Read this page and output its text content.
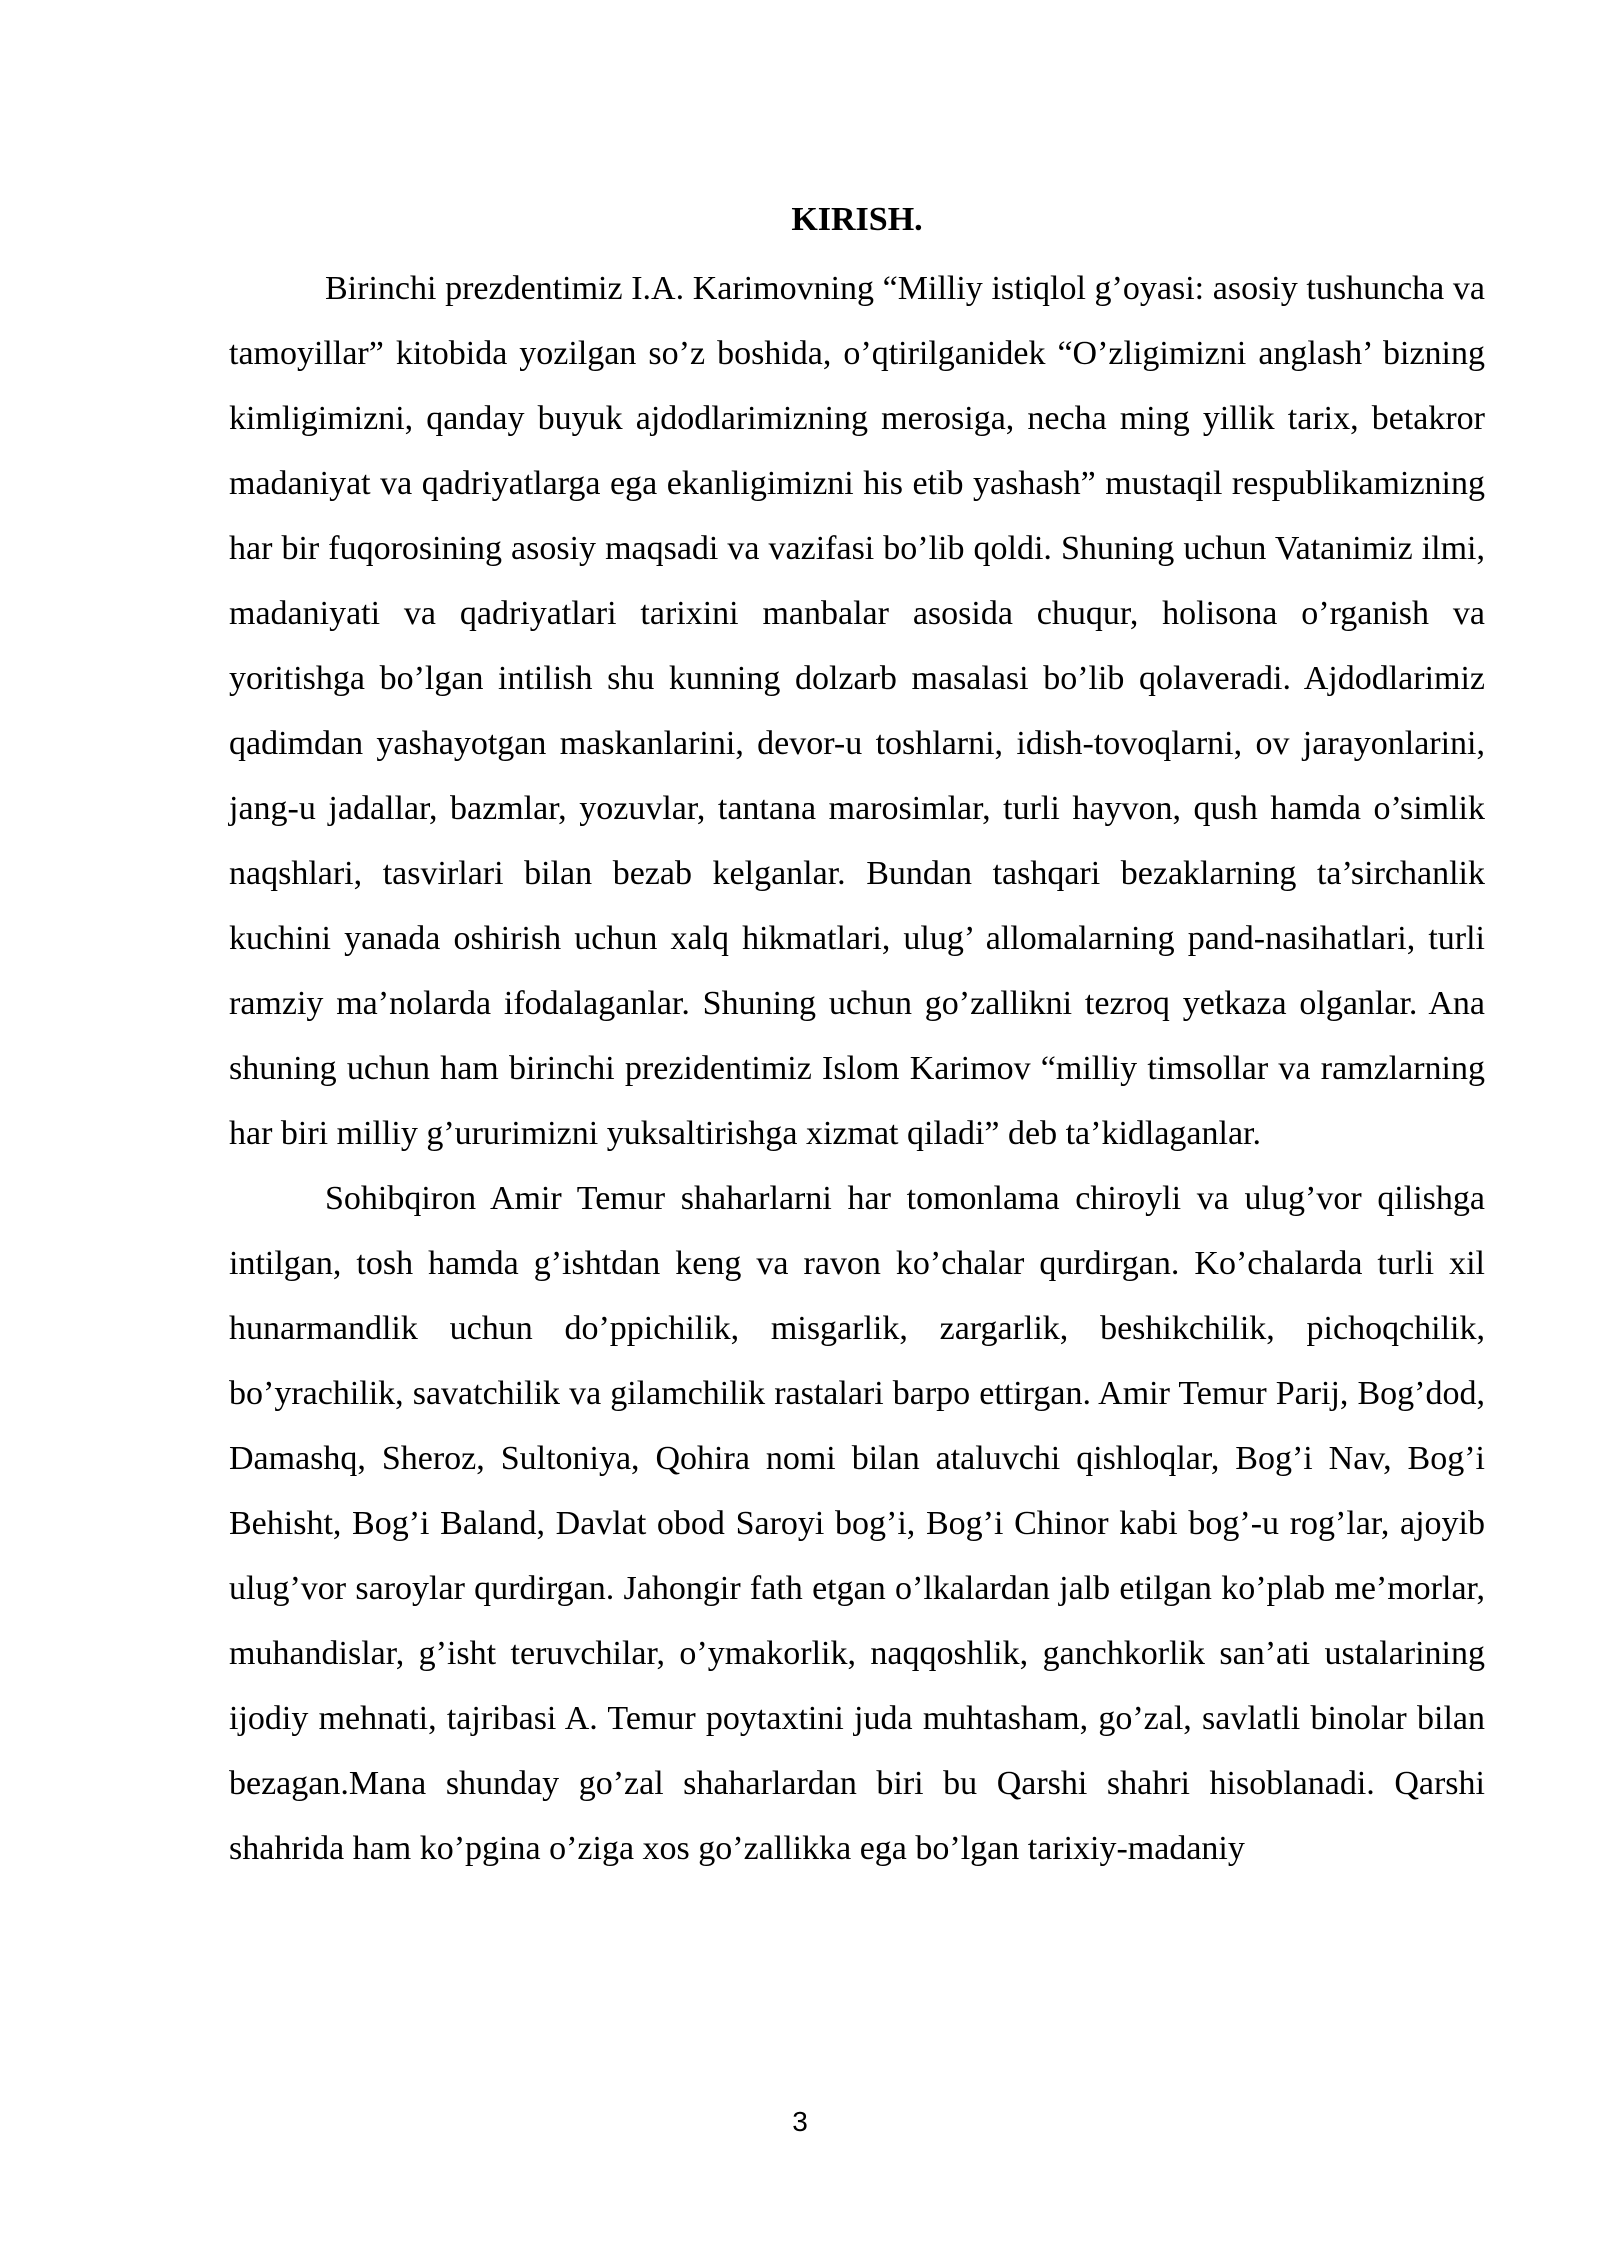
KIRISH.

Birinchi prezdentimiz I.A. Karimovning “Milliy istiqlol g’oyasi: asosiy tushuncha va tamoyillar” kitobida yozilgan so’z boshida, o’qtirilganidek “O’zligimizni anglash’ bizning kimligimizni, qanday buyuk ajdodlarimizning merosiga, necha ming yillik tarix, betakror madaniyat va qadriyatlarga ega ekanligimizni his etib yashash” mustaqil respublikamizning har bir fuqorosining asosiy maqsadi va vazifasi bo’lib qoldi. Shuning uchun Vatanimiz ilmi, madaniyati va qadriyatlari tarixini manbalar asosida chuqur, holisona o’rganish va yoritishga bo’lgan intilish shu kunning dolzarb masalasi bo’lib qolaveradi. Ajdodlarimiz qadimdan yashayotgan maskanlarini, devor-u toshlarni, idish-tovoqlarni, ov jarayonlarini, jang-u jadallar, bazmlar, yozuvlar, tantana marosimlar, turli hayvon, qush hamda o’simlik naqshlari, tasvirlari bilan bezab kelganlar. Bundan tashqari bezaklarning ta’sirchanlik kuchini yanada oshirish uchun xalq hikmatlari, ulug’ allomalarning pand-nasihatlari, turli ramziy ma’nolarda ifodalaganlar. Shuning uchun go’zallikni tezroq yetkaza olganlar. Ana shuning uchun ham birinchi prezidentimiz Islom Karimov “milliy timsollar va ramzlarning har biri milliy g’ururimizni yuksaltirishga xizmat qiladi” deb ta’kidlaganlar.

Sohibqiron Amir Temur shaharlarni har tomonlama chiroyli va ulug’vor qilishga intilgan, tosh hamda g’ishtdan keng va ravon ko’chalar qurdirgan. Ko’chalarda turli xil hunarmandlik uchun do’ppichilik, misgarlik, zargarlik, beshikchilik, pichoqchilik, bo’yrachilik, savatchilik va gilamchilik rastalari barpo ettirgan. Amir Temur Parij, Bog’dod, Damashq, Sheroz, Sultoniya, Qohira nomi bilan ataluvchi qishloqlar, Bog’i Nav, Bog’i Behisht, Bog’i Baland, Davlat obod Saroyi bog’i, Bog’i Chinor kabi bog’-u rog’lar, ajoyib ulug’vor saroylar qurdirgan. Jahongir fath etgan o’lkalardan jalb etilgan ko’plab me’morlar, muhandislar, g’isht teruvchilar, o’ymakorlik, naqqoshlik, ganchkorlik san’ati ustalarining ijodiy mehnati, tajribasi A. Temur poytaxtini juda muhtasham, go’zal, savlatli binolar bilan bezagan.Mana shunday go’zal shaharlardan biri bu Qarshi shahri hisoblanadi. Qarshi shahrida ham ko’pgina o’ziga xos go’zallikka ega bo’lgan tarixiy-madaniy

3
